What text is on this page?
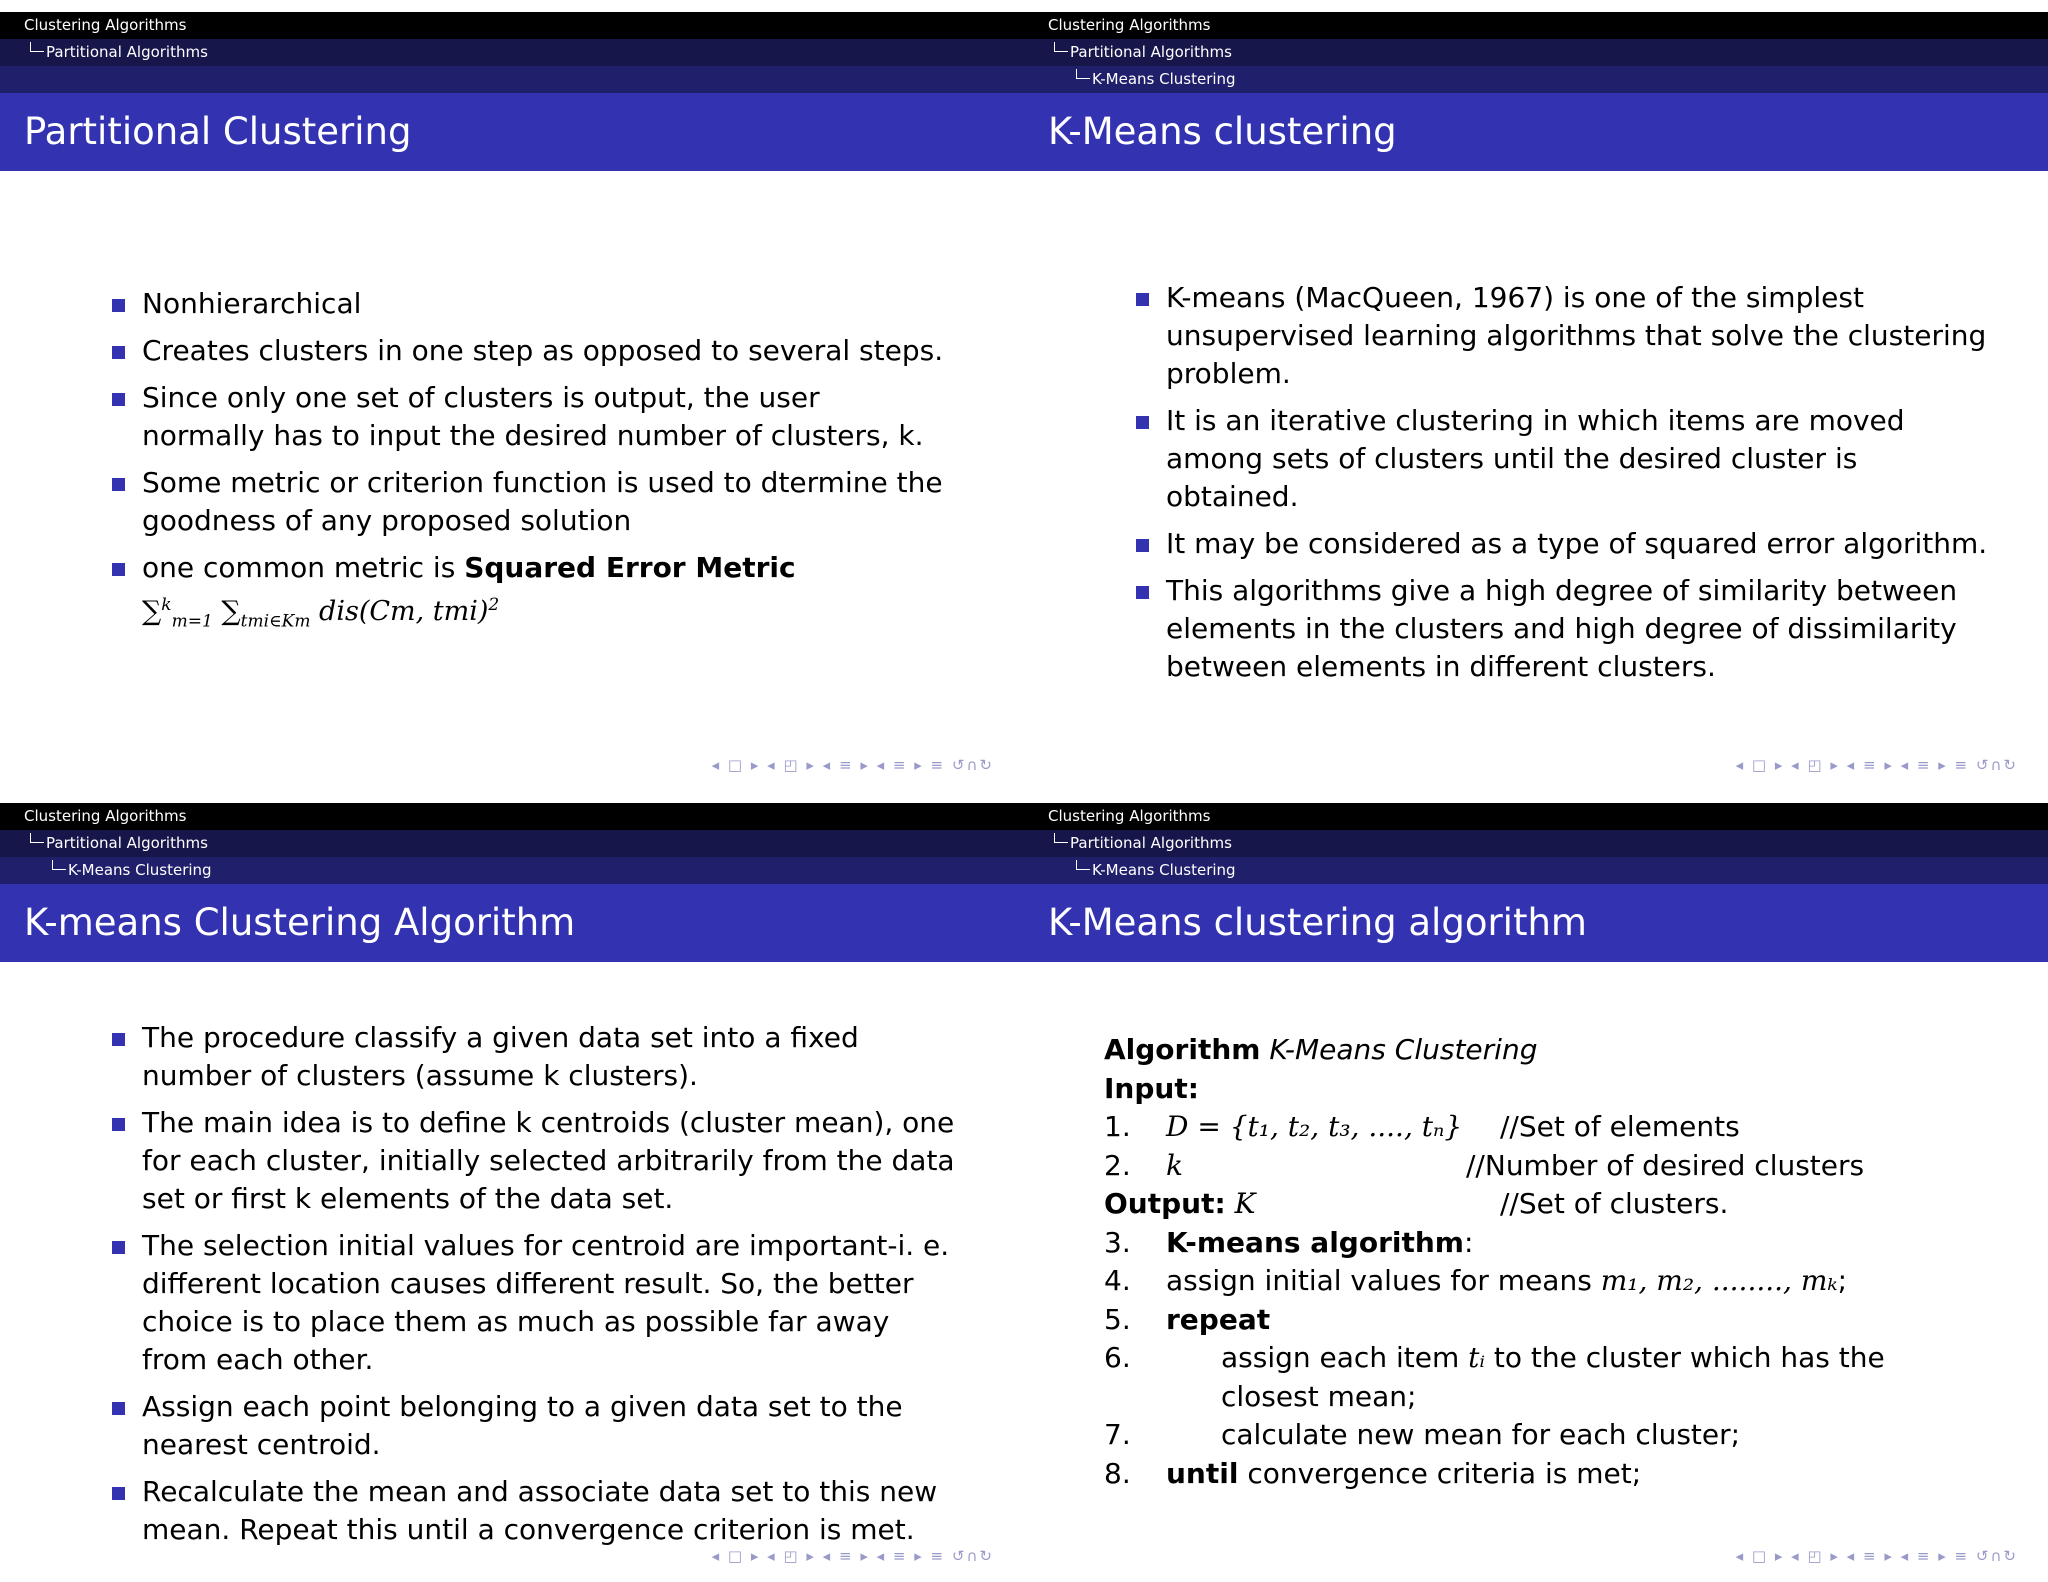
Clustering Algorithms
Partitional Algorithms
Partitional Clustering
Nonhierarchical
Creates clusters in one step as opposed to several steps.
Since only one set of clusters is output, the user normally has to input the desired number of clusters, k.
Some metric or criterion function is used to dtermine the goodness of any proposed solution
one common metric is Squared Error Metric
∑$^k_{m=1}$ $\sum_{tmi\in Km}$ dis(Cm, tmi)$^2$
◂ □ ▸ ◂ ◰ ▸ ◂ ≡ ▸ ◂ ≡ ▸ ≡ ↺∩↻
Clustering Algorithms
Partitional Algorithms
K-Means Clustering
K-Means clustering
K-means (MacQueen, 1967) is one of the simplest unsupervised learning algorithms that solve the clustering problem.
It is an iterative clustering in which items are moved among sets of clusters until the desired cluster is obtained.
It may be considered as a type of squared error algorithm.
This algorithms give a high degree of similarity between elements in the clusters and high degree of dissimilarity between elements in different clusters.
◂ □ ▸ ◂ ◰ ▸ ◂ ≡ ▸ ◂ ≡ ▸ ≡ ↺∩↻
Clustering Algorithms
Partitional Algorithms
K-Means Clustering
K-means Clustering Algorithm
The procedure classify a given data set into a fixed number of clusters (assume k clusters).
The main idea is to define k centroids (cluster mean), one for each cluster, initially selected arbitrarily from the data set or first k elements of the data set.
The selection initial values for centroid are important-i. e. different location causes different result. So, the better choice is to place them as much as possible far away from each other.
Assign each point belonging to a given data set to the nearest centroid.
Recalculate the mean and associate data set to this new mean. Repeat this until a convergence criterion is met.
◂ □ ▸ ◂ ◰ ▸ ◂ ≡ ▸ ◂ ≡ ▸ ≡ ↺∩↻
Clustering Algorithms
Partitional Algorithms
K-Means Clustering
K-Means clustering algorithm
Algorithm K-Means Clustering
Input:
1. D = {t₁, t₂, t₃, ...., tₙ} //Set of elements
2. k	//Number of desired clusters
Output: K	//Set of clusters.
3. K-means algorithm:
4. assign initial values for means m₁, m₂, ........, mₖ;
5. repeat
6.	assign each item tᵢ to the cluster which has the closest mean;
7.	calculate new mean for each cluster;
8. until convergence criteria is met;
◂ □ ▸ ◂ ◰ ▸ ◂ ≡ ▸ ◂ ≡ ▸ ≡ ↺∩↻
